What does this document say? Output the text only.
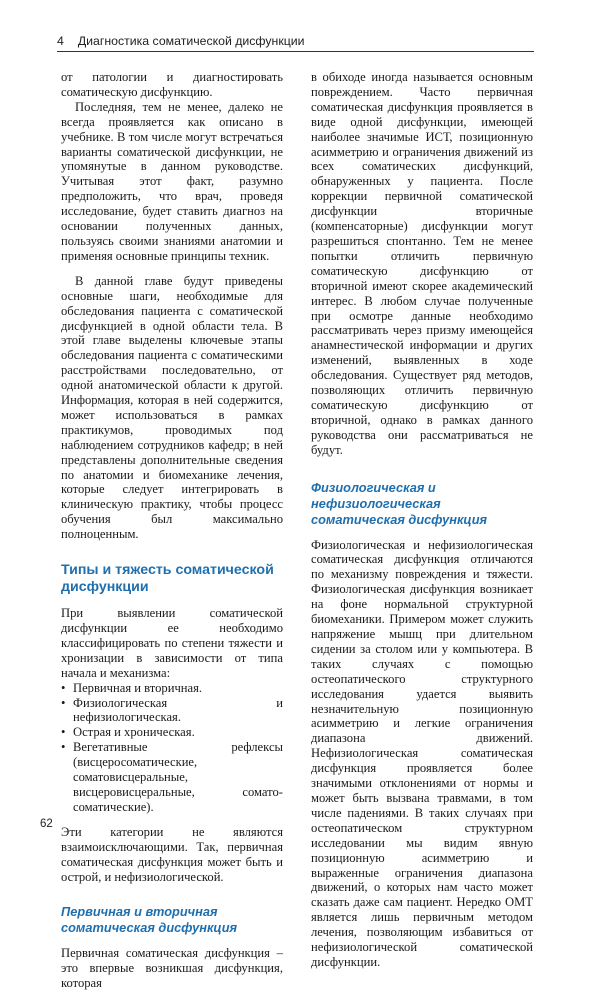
4 Диагностика соматической дисфункции

от патологии и диагностировать соматическую дисфункцию.

Последняя, тем не менее, далеко не всегда проявляется как описано в учебнике. В том числе могут встречаться варианты соматической дисфункции, не упомянутые в данном руководстве. Учитывая этот факт, разумно предположить, что врач, проведя исследование, будет ставить диагноз на основании полученных данных, пользуясь своими знаниями анатомии и применяя основные принципы техник.

В данной главе будут приведены основные шаги, необходимые для обследования пациента с соматической дисфункцией в одной области тела. В этой главе выделены ключевые этапы обследования пациента с соматическими расстройствами последовательно, от одной анатомической области к другой. Информация, которая в ней содержится, может использоваться в рамках практикумов, проводимых под наблюдением сотрудников кафедр; в ней представлены дополнительные сведения по анатомии и биомеханике лечения, которые следует интегрировать в клиническую практику, чтобы процесс обучения был максимально полноценным.

Типы и тяжесть соматической дисфункции

При выявлении соматической дисфункции ее необходимо классифицировать по степени тяжести и хронизации в зависимости от типа начала и механизма:

• Первичная и вторичная.
• Физиологическая и нефизиологическая.
• Острая и хроническая.
• Вегетативные рефлексы (висцеросоматические, соматовисцеральные, висцеровисцеральные, сомато-соматические).

Эти категории не являются взаимоисключающими. Так, первичная соматическая дисфункция может быть и острой, и нефизиологической.

Первичная и вторичная соматическая дисфункция

Первичная соматическая дисфункция – это впервые возникшая дисфункция, которая

в обиходе иногда называется основным повреждением. Часто первичная соматическая дисфункция проявляется в виде одной дисфункции, имеющей наиболее значимые ИСТ, позиционную асимметрию и ограничения движений из всех соматических дисфункций, обнаруженных у пациента. После коррекции первичной соматической дисфункции вторичные (компенсаторные) дисфункции могут разрешиться спонтанно. Тем не менее попытки отличить первичную соматическую дисфункцию от вторичной имеют скорее академический интерес. В любом случае полученные при осмотре данные необходимо рассматривать через призму имеющейся анамнестической информации и других изменений, выявленных в ходе обследования. Существует ряд методов, позволяющих отличить первичную соматическую дисфункцию от вторичной, однако в рамках данного руководства они рассматриваться не будут.

Физиологическая и нефизиологическая соматическая дисфункция

Физиологическая и нефизиологическая соматическая дисфункция отличаются по механизму повреждения и тяжести. Физиологическая дисфункция возникает на фоне нормальной структурной биомеханики. Примером может служить напряжение мышц при длительном сидении за столом или у компьютера. В таких случаях с помощью остеопатического структурного исследования удается выявить незначительную позиционную асимметрию и легкие ограничения диапазона движений. Нефизиологическая соматическая дисфункция проявляется более значимыми отклонениями от нормы и может быть вызвана травмами, в том числе падениями. В таких случаях при остеопатическом структурном исследовании мы видим явную позиционную асимметрию и выраженные ограничения диапазона движений, о которых нам часто может сказать даже сам пациент. Нередко ОМТ является лишь первичным методом лечения, позволяющим избавиться от нефизиологической соматической дисфункции.

62
